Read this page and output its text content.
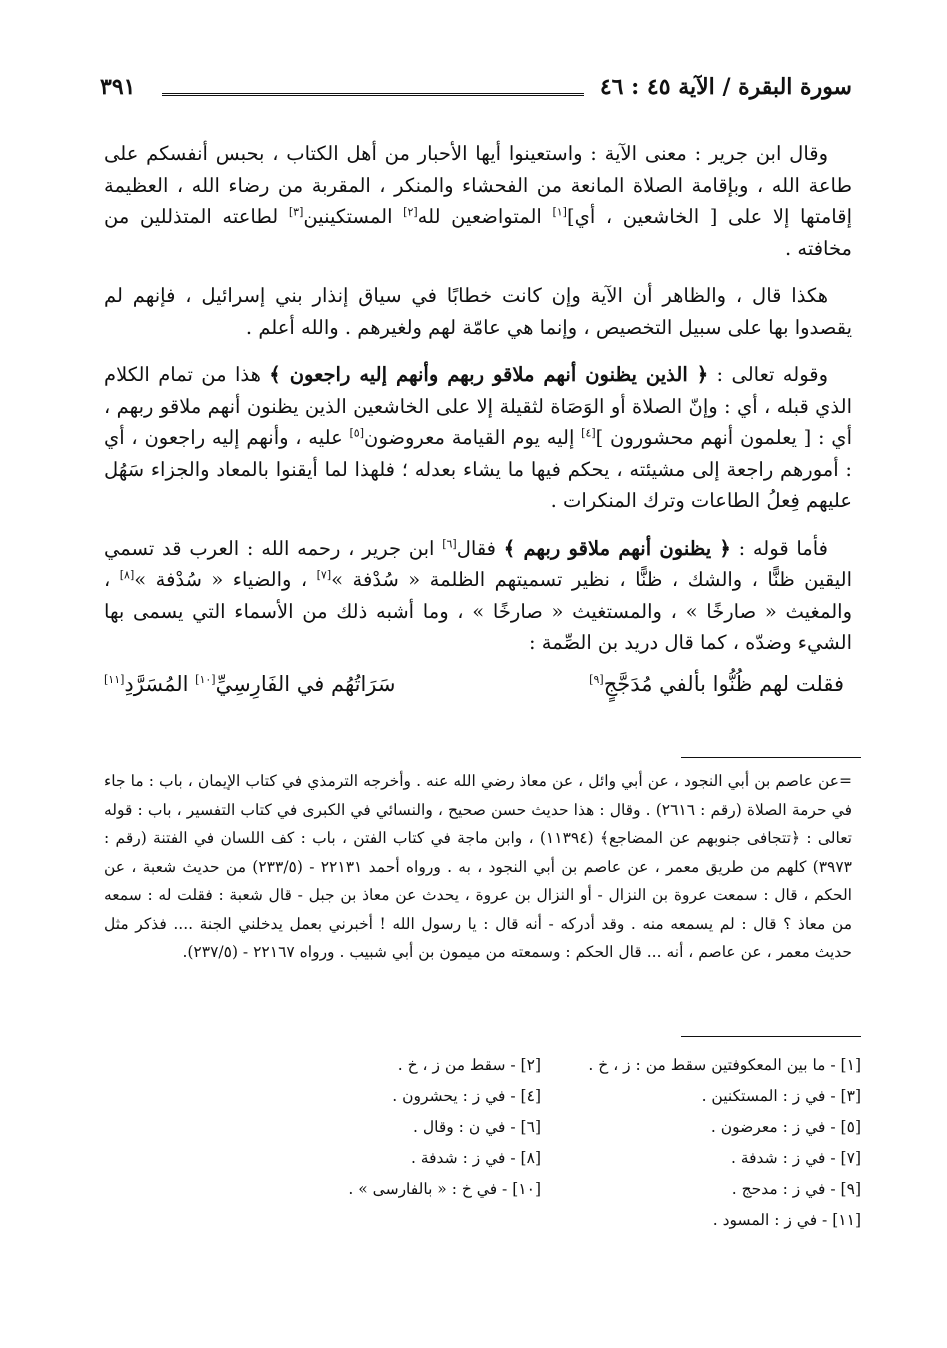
سورة البقرة / الآية ٤٥ : ٤٦
٣٩١

وقال ابن جرير : معنى الآية : واستعينوا أيها الأحبار من أهل الكتاب ، بحبس أنفسكم على طاعة الله ، وبإقامة الصلاة المانعة من الفحشاء والمنكر ، المقربة من رضاء الله ، العظيمة إقامتها إلا على [ الخاشعين ، أي][١] المتواضعين لله[٢] المستكينين[٣] لطاعته المتذللين من مخافته .

هكذا قال ، والظاهر أن الآية وإن كانت خطابًا في سياق إنذار بني إسرائيل ، فإنهم لم يقصدوا بها على سبيل التخصيص ، وإنما هي عامّة لهم ولغيرهم . والله أعلم .

وقوله تعالى : ﴿ الذين يظنون أنهم ملاقو ربهم وأنهم إليه راجعون ﴾ هذا من تمام الكلام الذي قبله ، أي : وإنّ الصلاة أو الوَصَاة لثقيلة إلا على الخاشعين الذين يظنون أنهم ملاقو ربهم ، أي : [ يعلمون أنهم محشورون ][٤] إليه يوم القيامة معروضون[٥] عليه ، وأنهم إليه راجعون ، أي : أمورهم راجعة إلى مشيئته ، يحكم فيها ما يشاء بعدله ؛ فلهذا لما أيقنوا بالمعاد والجزاء سَهُل عليهم فِعلُ الطاعات وترك المنكرات .

فأما قوله : ﴿ يظنون أنهم ملاقو ربهم ﴾ فقال[٦] ابن جرير ، رحمه الله : العرب قد تسمي اليقين ظنًّا ، والشك ، ظنًّا ، نظير تسميتهم الظلمة « سُدْفة »[٧] ، والضياء « سُدْفة »[٨] ، والمغيث « صارخًا » ، والمستغيث « صارخًا » ، وما أشبه ذلك من الأسماء التي يسمى بها الشيء وضدّه ، كما قال دريد بن الصِّمة :

فقلت لهم ظُنُّوا بألفي مُدَجَّجٍ[٩]
سَرَاتُهُم في الفَارِسِيِّ[١٠] المُسَرَّدِ[١١]

=عن عاصم بن أبي النجود ، عن أبي وائل ، عن معاذ رضي الله عنه . وأخرجه الترمذي في كتاب الإيمان ، باب : ما جاء في حرمة الصلاة (رقم : ٢٦١٦) . وقال : هذا حديث حسن صحيح ، والنسائي في الكبرى في كتاب التفسير ، باب : قوله تعالى : ﴿تتجافى جنوبهم عن المضاجع﴾ (١١٣٩٤) ، وابن ماجة في كتاب الفتن ، باب : كف اللسان في الفتنة (رقم : ٣٩٧٣) كلهم من طريق معمر ، عن عاصم بن أبي النجود ، به . ورواه أحمد ٢٢١٣١ - (٢٣٣/٥) من حديث شعبة ، عن الحكم ، قال : سمعت عروة بن النزال - أو النزال بن عروة ، يحدث عن معاذ بن جبل - قال شعبة : فقلت له : سمعه من معاذ ؟ قال : لم يسمعه منه . وقد أدركه - أنه قال : يا رسول الله ! أخبرني بعمل يدخلني الجنة .... فذكر مثل حديث معمر ، عن عاصم ، أنه ... قال الحكم : وسمعته من ميمون بن أبي شبيب . ورواه ٢٢١٦٧ - (٢٣٧/٥).

[١] - ما بين المعكوفتين سقط من : ز ، خ .
[٢] - سقط من ز ، خ .
[٣] - في ز : المستكنين .
[٤] - في ز : يحشرون .
[٥] - في ز : معرضون .
[٦] - في ن : وقال .
[٧] - في ز : شدفة .
[٨] - في ز : شدفة .
[٩] - في ز : مدحج .
[١٠] - في خ : « بالفارسى » .
[١١] - في ز : المسود .
